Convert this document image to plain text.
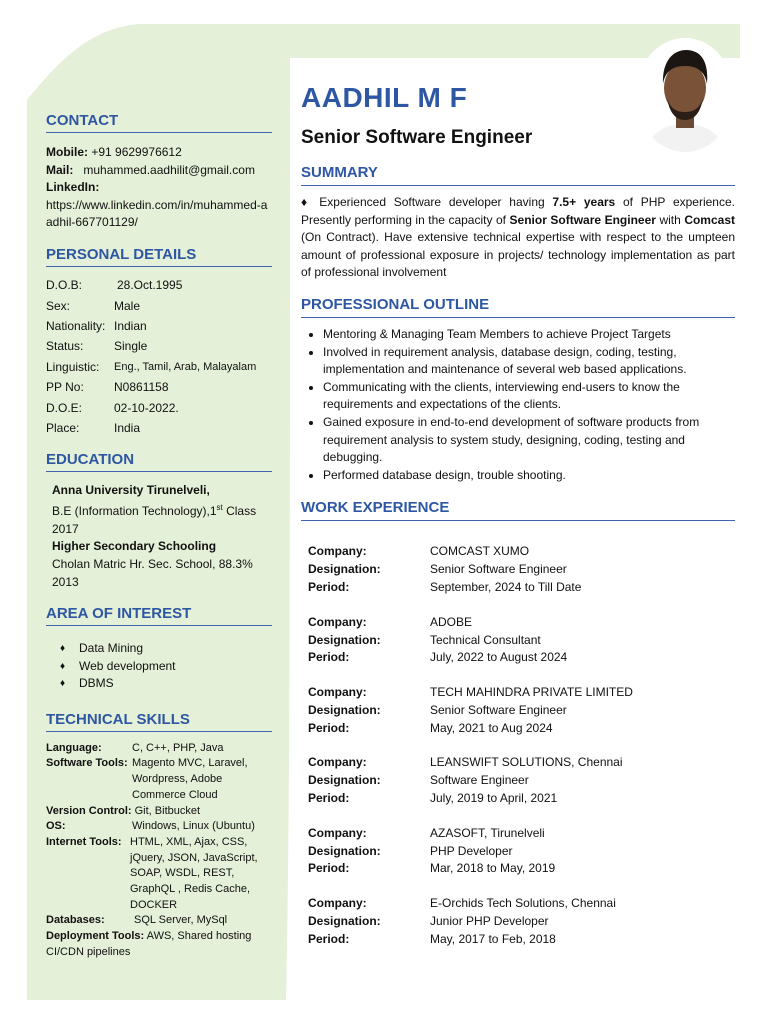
CONTACT
Mobile: +91 9629976612
Mail: muhammed.aadhilit@gmail.com
LinkedIn:
https://www.linkedin.com/in/muhammed-aadhil-667701129/
PERSONAL DETAILS
D.O.B:	28.Oct.1995
Sex:	Male
Nationality: Indian
Status:	Single
Linguistic:	Eng., Tamil, Arab, Malayalam
PP No:	N0861158
D.O.E:	02-10-2022.
Place:	India
EDUCATION
Anna University Tirunelveli,
B.E (Information Technology),1st Class
2017
Higher Secondary Schooling
Cholan Matric Hr. Sec. School, 88.3%
2013
AREA OF INTEREST
♦	Data Mining
♦	Web development
♦	DBMS
TECHNICAL SKILLS
Language:	C, C++, PHP, Java
Software Tools: Magento MVC, Laravel, Wordpress, Adobe Commerce Cloud
Version Control:
Git, Bitbucket
OS:	Windows, Linux (Ubuntu)
Internet Tools: HTML, XML, Ajax, CSS, jQuery, JSON, JavaScript, SOAP, WSDL, REST, GraphQL , Redis Cache, DOCKER
Databases:	SQL Server, MySql
Deployment Tools: AWS, Shared hosting CI/CDN pipelines
AADHIL M F
Senior Software Engineer
SUMMARY
♦ Experienced Software developer having 7.5+ years of PHP experience. Presently performing in the capacity of Senior Software Engineer with Comcast (On Contract). Have extensive technical expertise with respect to the umpteen amount of professional exposure in projects/ technology implementation as part of professional involvement
PROFESSIONAL OUTLINE
• Mentoring & Managing Team Members to achieve Project Targets
• Involved in requirement analysis, database design, coding, testing, implementation and maintenance of several web based applications.
• Communicating with the clients, interviewing end-users to know the requirements and expectations of the clients.
• Gained exposure in end-to-end development of software products from requirement analysis to system study, designing, coding, testing and debugging.
• Performed database design, trouble shooting.
WORK EXPERIENCE
Company:	COMCAST XUMO
Designation:	Senior Software Engineer
Period:	September, 2024 to Till Date
Company:	ADOBE
Designation:	Technical Consultant
Period:	July, 2022 to August 2024
Company:	TECH MAHINDRA PRIVATE LIMITED
Designation:	Senior Software Engineer
Period:	May, 2021 to Aug 2024
Company:	LEANSWIFT SOLUTIONS, Chennai
Designation:	Software Engineer
Period:	July, 2019 to April, 2021
Company:	AZASOFT, Tirunelveli
Designation:	PHP Developer
Period:	Mar, 2018 to May, 2019
Company:	E-Orchids Tech Solutions, Chennai
Designation:	Junior PHP Developer
Period:	May, 2017 to Feb, 2018
